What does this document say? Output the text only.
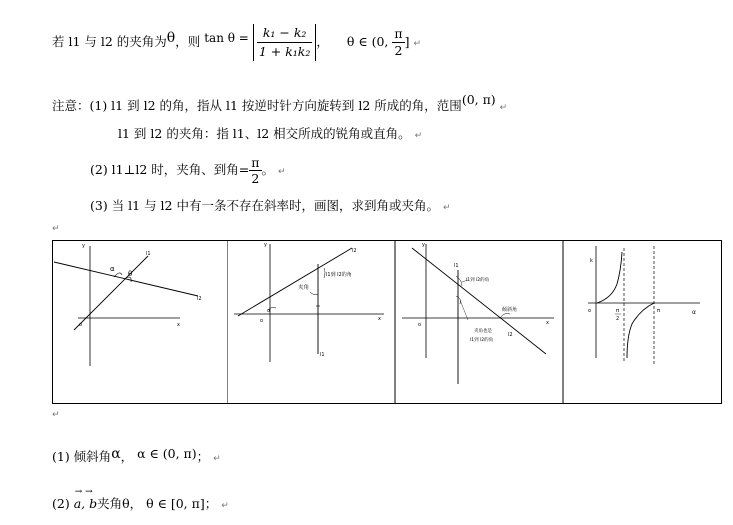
若 l1 与 l2 的夹角为θ，则 $\tan \theta = \frac{\text{k₁ − k₂}}{\text{1 + k₁k₂}}$ ， θ ∈ (0, $\frac{\pi}{2}$ ] ↵
注意：(1) l1 到 l2 的角，指从 l1 按逆时针方向旋转到 l2 所成的角，范围(0, π) ↵
l1 到 l2 的夹角：指 l1、l2 相交所成的锐角或直角。 ↵
(2) l1⊥l2 时，夹角、到角= $\frac{\pi}{2}$ 。 ↵
(3) 当 l1 与 l2 中有一条不存在斜率时，画图，求到角或夹角。 ↵
↵
y
α
θ
l1
l2
o	x
y
l2
l1到 l2的角
夹角
α
o	x
l1
y
l1
l1到 l2的角
倾斜角
o	x
l2
夹角也是
l1到 l2的角
k
o	π
2
π	α
↵
(1) 倾斜角α， α ∈ (0, π)； ↵
(2)
→ →
a, b夹角θ， θ ∈ [0, π]； ↵
